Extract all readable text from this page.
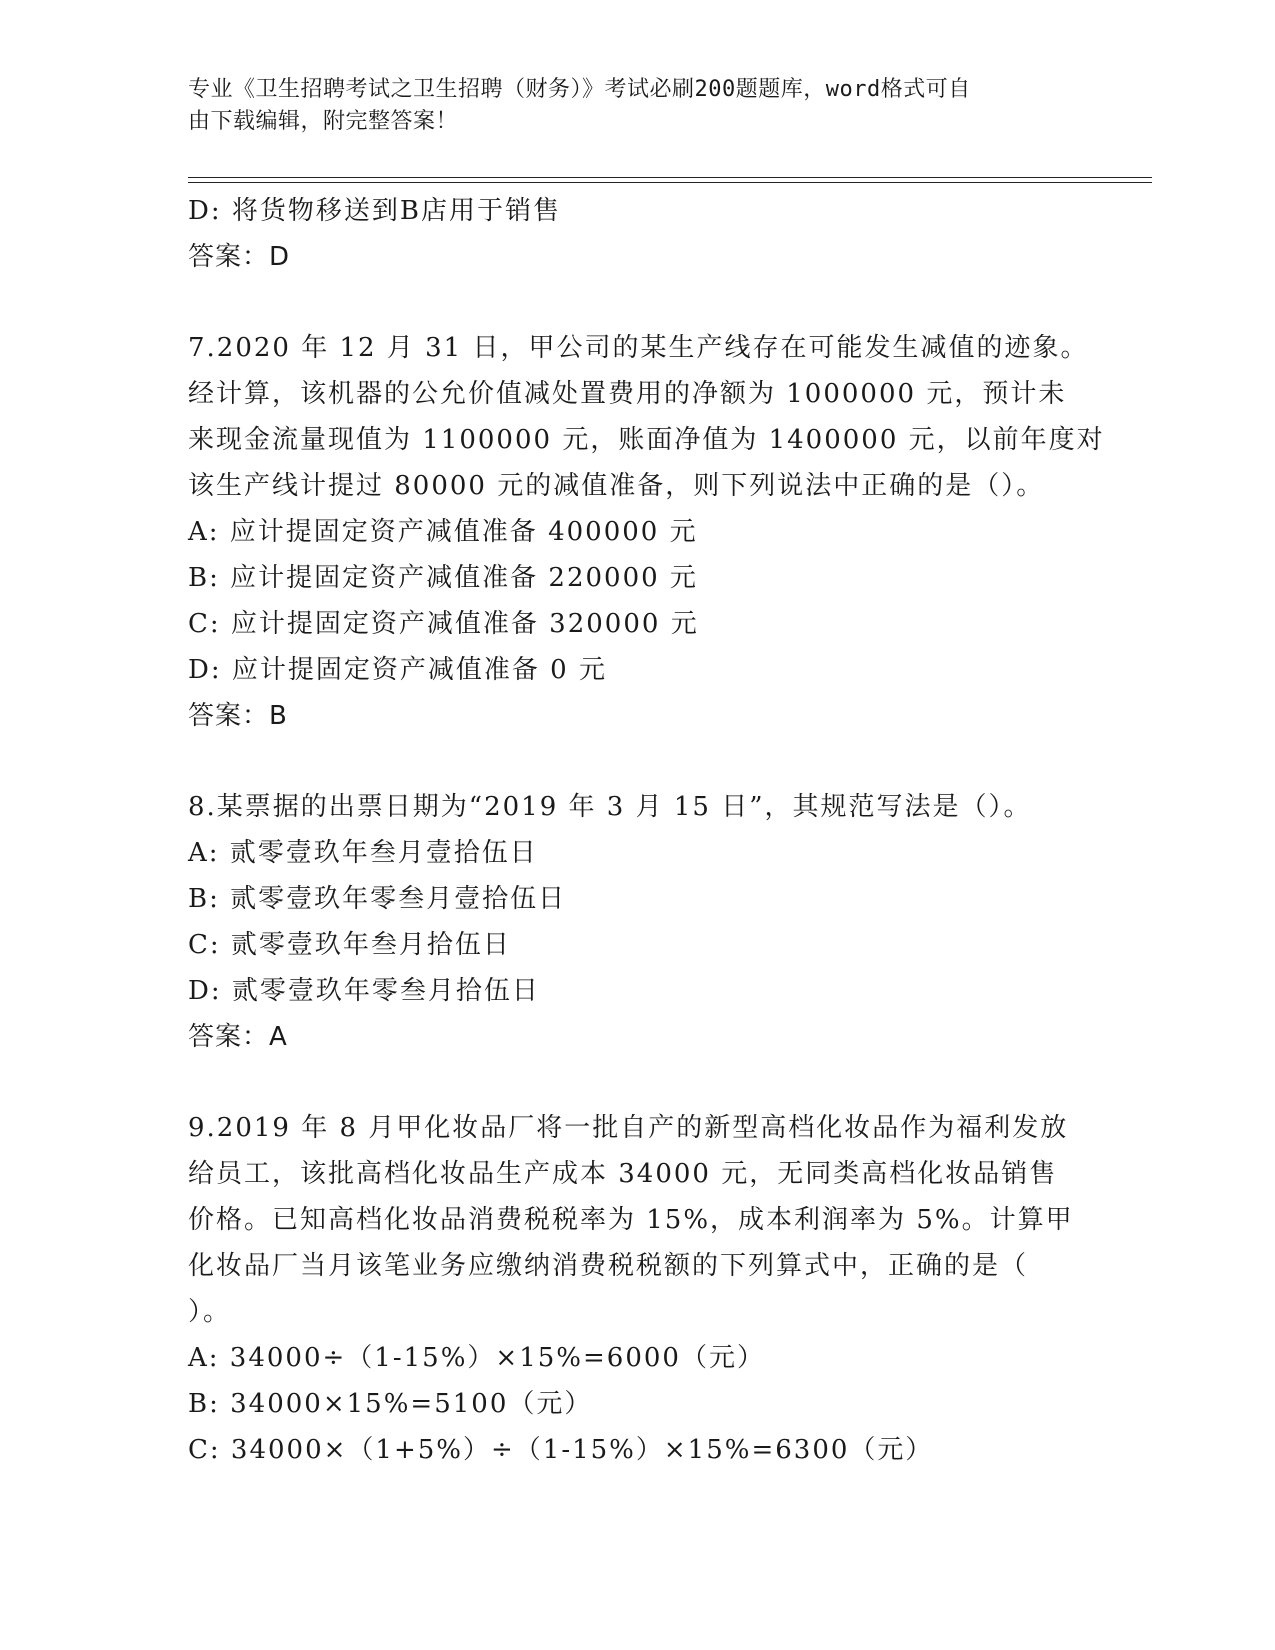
专业《卫生招聘考试之卫生招聘（财务）》考试必刷200题题库，word格式可自
由下载编辑，附完整答案！
D: 将货物移送到B店用于销售
答案：D
7.2020 年 12 月 31 日，甲公司的某生产线存在可能发生减值的迹象。
经计算，该机器的公允价值减处置费用的净额为 1000000 元，预计未
来现金流量现值为 1100000 元，账面净值为 1400000 元，以前年度对
该生产线计提过 80000 元的减值准备，则下列说法中正确的是（）。
A: 应计提固定资产减值准备 400000 元
B: 应计提固定资产减值准备 220000 元
C: 应计提固定资产减值准备 320000 元
D: 应计提固定资产减值准备 0 元
答案：B
8.某票据的出票日期为“2019 年 3 月 15 日”，其规范写法是（）。
A: 贰零壹玖年叁月壹拾伍日
B: 贰零壹玖年零叁月壹拾伍日
C: 贰零壹玖年叁月拾伍日
D: 贰零壹玖年零叁月拾伍日
答案：A
9.2019 年 8 月甲化妆品厂将一批自产的新型高档化妆品作为福利发放
给员工，该批高档化妆品生产成本 34000 元，无同类高档化妆品销售
价格。已知高档化妆品消费税税率为 15%，成本利润率为 5%。计算甲
化妆品厂当月该笔业务应缴纳消费税税额的下列算式中，正确的是（
）。
A: 34000÷（1-15%）×15%=6000（元）
B: 34000×15%=5100（元）
C: 34000×（1+5%）÷（1-15%）×15%=6300（元）
